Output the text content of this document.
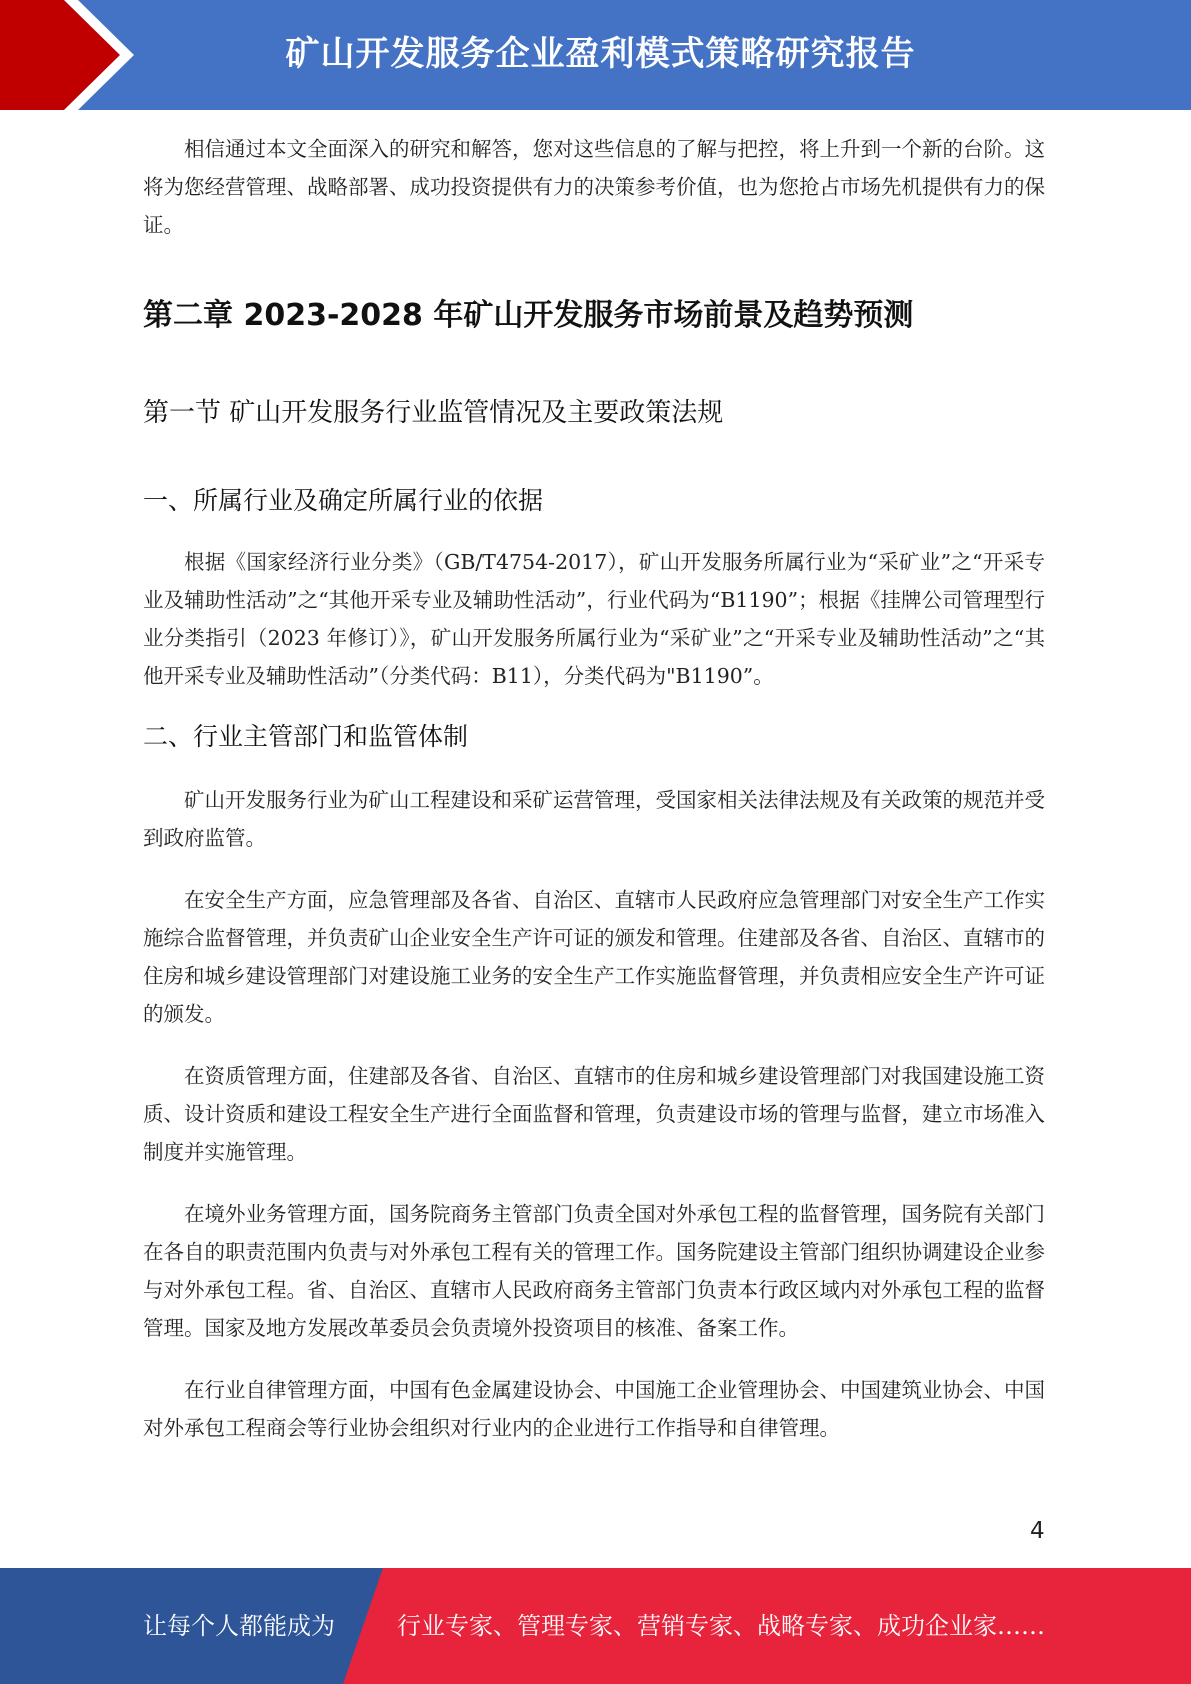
矿山开发服务企业盈利模式策略研究报告

相信通过本文全面深入的研究和解答，您对这些信息的了解与把控，将上升到一个新的台阶。这将为您经营管理、战略部署、成功投资提供有力的决策参考价值，也为您抢占市场先机提供有力的保证。

第二章 2023-2028 年矿山开发服务市场前景及趋势预测
第一节 矿山开发服务行业监管情况及主要政策法规
一、所属行业及确定所属行业的依据

根据《国家经济行业分类》（GB/T4754-2017），矿山开发服务所属行业为“采矿业”之“开采专业及辅助性活动”之“其他开采专业及辅助性活动”，行业代码为“B1190”；根据《挂牌公司管理型行业分类指引（2023 年修订）》，矿山开发服务所属行业为“采矿业”之“开采专业及辅助性活动”之“其他开采专业及辅助性活动”（分类代码：B11），分类代码为"B1190”。

二、行业主管部门和监管体制

矿山开发服务行业为矿山工程建设和采矿运营管理，受国家相关法律法规及有关政策的规范并受到政府监管。

在安全生产方面，应急管理部及各省、自治区、直辖市人民政府应急管理部门对安全生产工作实施综合监督管理，并负责矿山企业安全生产许可证的颁发和管理。住建部及各省、自治区、直辖市的住房和城乡建设管理部门对建设施工业务的安全生产工作实施监督管理，并负责相应安全生产许可证的颁发。

在资质管理方面，住建部及各省、自治区、直辖市的住房和城乡建设管理部门对我国建设施工资质、设计资质和建设工程安全生产进行全面监督和管理，负责建设市场的管理与监督，建立市场准入制度并实施管理。

在境外业务管理方面，国务院商务主管部门负责全国对外承包工程的监督管理，国务院有关部门在各自的职责范围内负责与对外承包工程有关的管理工作。国务院建设主管部门组织协调建设企业参与对外承包工程。省、自治区、直辖市人民政府商务主管部门负责本行政区域内对外承包工程的监督管理。国家及地方发展改革委员会负责境外投资项目的核准、备案工作。

在行业自律管理方面，中国有色金属建设协会、中国施工企业管理协会、中国建筑业协会、中国对外承包工程商会等行业协会组织对行业内的企业进行工作指导和自律管理。

4
让每个人都能成为	行业专家、管理专家、营销专家、战略专家、成功企业家……
